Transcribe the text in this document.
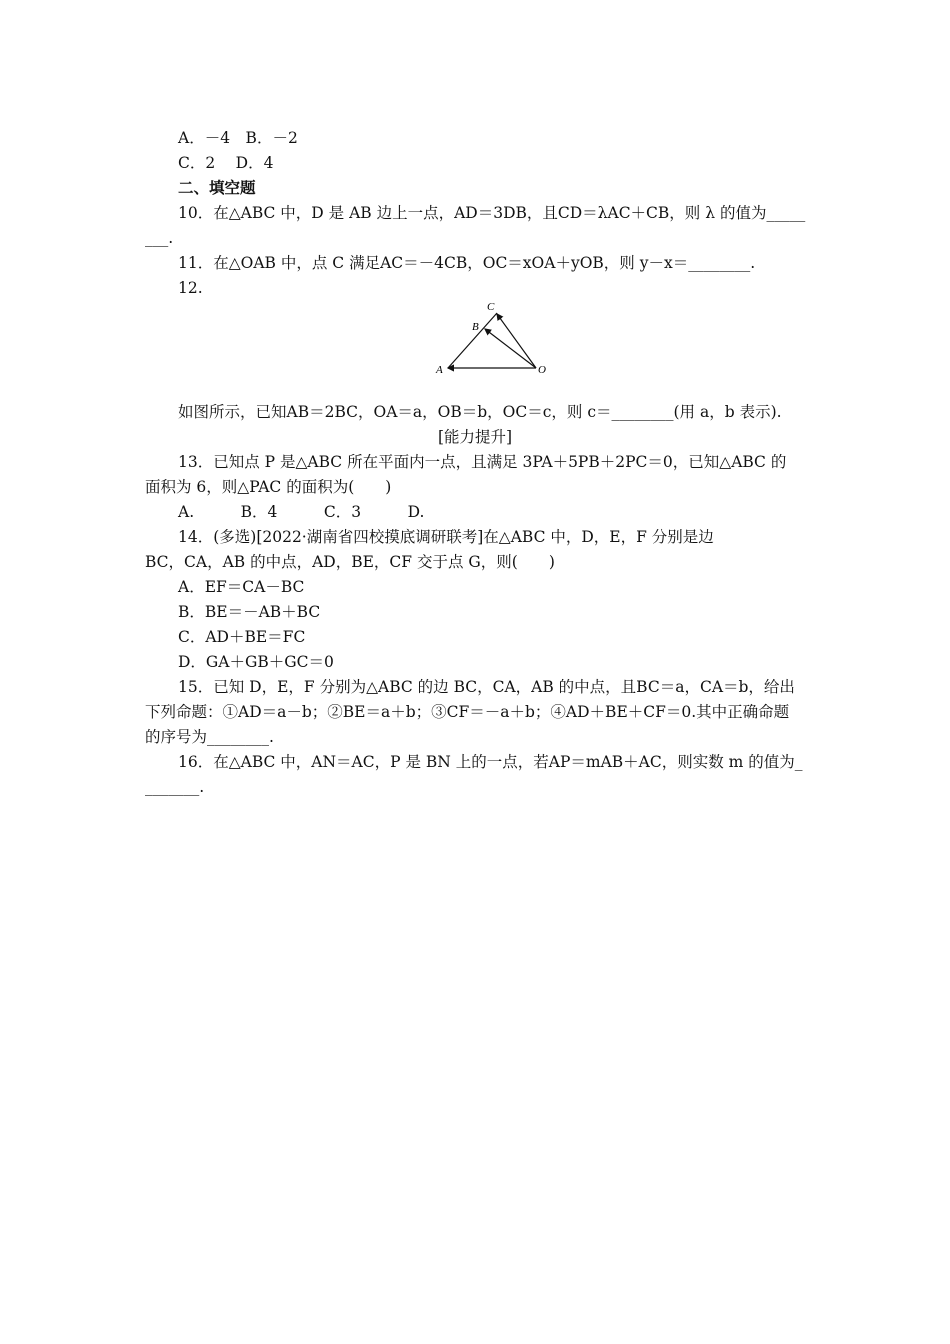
A．－4　B．－2
C．2　 D．4
二、填空题
10．在△ABC 中，D 是 AB 边上一点，AD＝3DB，且CD＝λAC＋CB，则 λ 的值为_____
___.
11．在△OAB 中，点 C 满足AC＝－4CB，OC＝xOA＋yOB，则 y－x＝________.
12.
C
B
A	O
如图所示，已知AB＝2BC，OA＝a，OB＝b，OC＝c，则 c＝________(用 a，b 表示).
[能力提升]
13．已知点 P 是△ABC 所在平面内一点，且满足 3PA＋5PB＋2PC＝0，已知△ABC 的
面积为 6，则△PAC 的面积为(　　)
A.　　　B．4　　　C．3　　　D.
14．(多选)[2022·湖南省四校摸底调研联考]在△ABC 中，D，E，F 分别是边
BC，CA，AB 的中点，AD，BE，CF 交于点 G，则(　　)
A．EF＝CA－BC
B．BE＝－AB＋BC
C．AD＋BE＝FC
D．GA＋GB＋GC＝0
15．已知 D，E，F 分别为△ABC 的边 BC，CA，AB 的中点，且BC＝a，CA＝b，给出
下列命题：①AD＝a－b；②BE＝a＋b；③CF＝－a＋b；④AD＋BE＋CF＝0.其中正确命题
的序号为________.
16．在△ABC 中，AN＝AC，P 是 BN 上的一点，若AP＝mAB＋AC，则实数 m 的值为_
_______.
